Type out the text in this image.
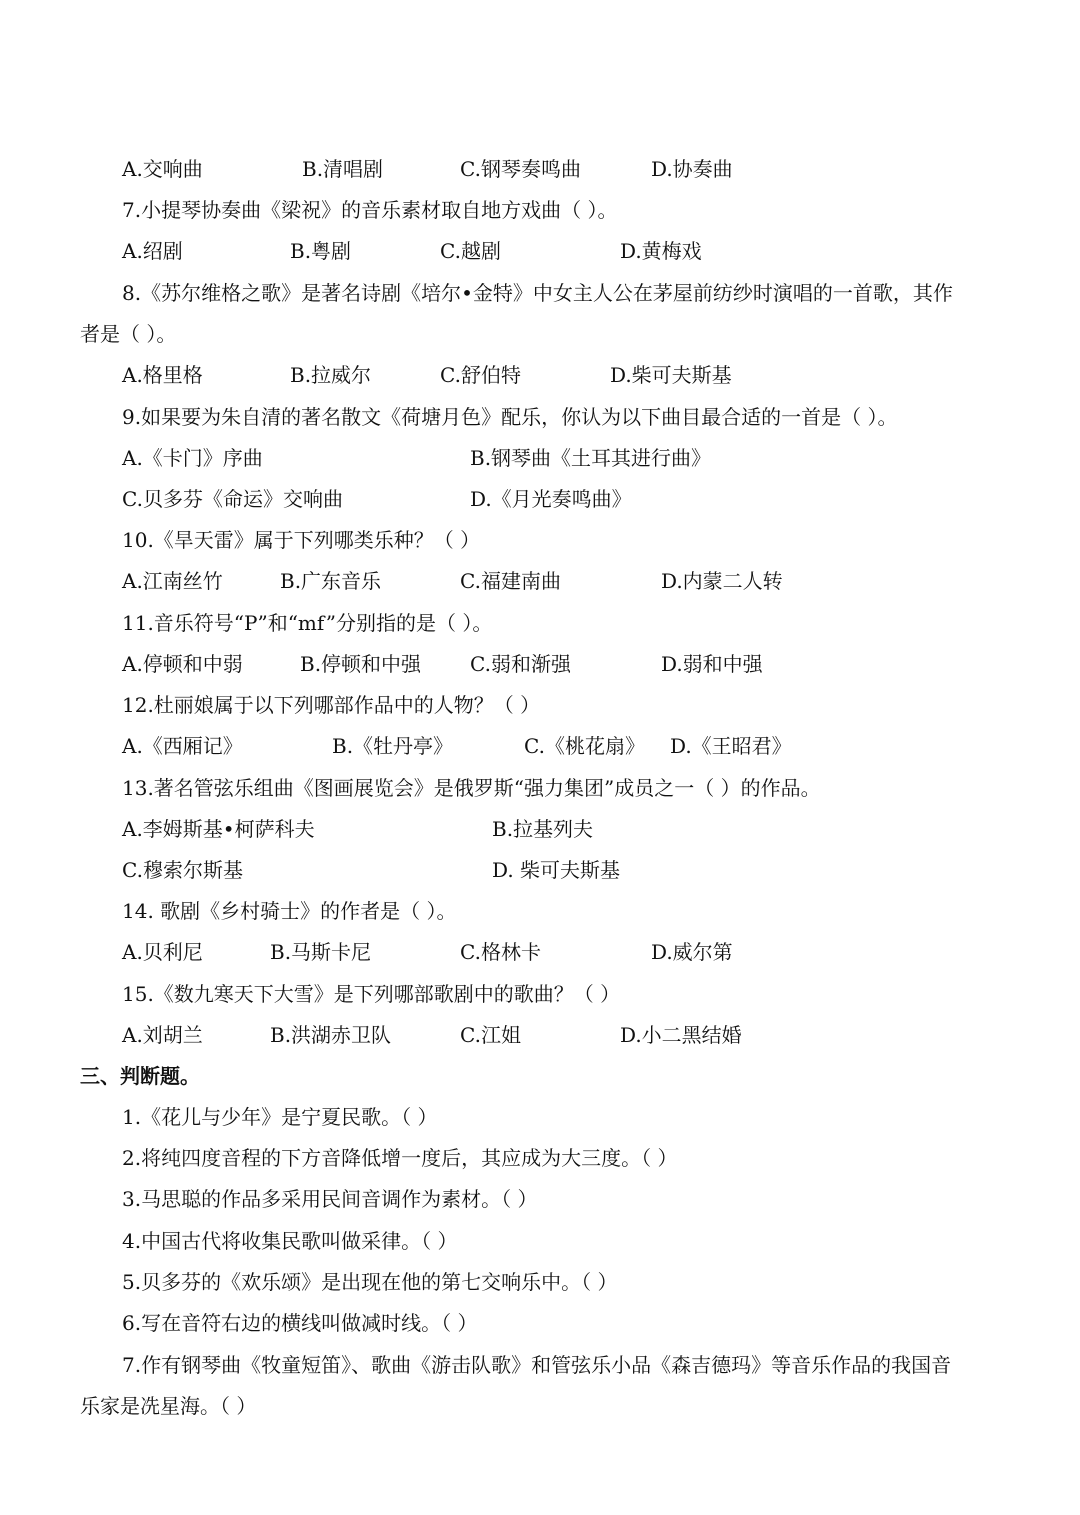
A.交响曲	B.清唱剧	C.钢琴奏鸣曲	D.协奏曲
7.小提琴协奏曲《梁祝》的音乐素材取自地方戏曲（ ）。
A.绍剧	B.粤剧	C.越剧	D.黄梅戏
8.《苏尔维格之歌》是著名诗剧《培尔•金特》中女主人公在茅屋前纺纱时演唱的一首歌，其作
者是（ ）。
A.格里格	B.拉威尔	C.舒伯特	D.柴可夫斯基
9.如果要为朱自清的著名散文《荷塘月色》配乐，你认为以下曲目最合适的一首是（ ）。
A.《卡门》序曲	B.钢琴曲《土耳其进行曲》
C.贝多芬《命运》交响曲	D.《月光奏鸣曲》
10.《旱天雷》属于下列哪类乐种？（ ）
A.江南丝竹	B.广东音乐	C.福建南曲	D.内蒙二人转
11.音乐符号“P”和“mf”分别指的是（ ）。
A.停顿和中弱	B.停顿和中强 C.弱和渐强	D.弱和中强
12.杜丽娘属于以下列哪部作品中的人物？（ ）
A.《西厢记》	B.《牡丹亭》	C.《桃花扇》 D.《王昭君》
13.著名管弦乐组曲《图画展览会》是俄罗斯“强力集团”成员之一（ ）的作品。
A.李姆斯基•柯萨科夫	B.拉基列夫
C.穆索尔斯基	D. 柴可夫斯基
14. 歌剧《乡村骑士》的作者是（ ）。
A.贝利尼	B.马斯卡尼	C.格林卡	D.威尔第
15.《数九寒天下大雪》是下列哪部歌剧中的歌曲？（ ）
A.刘胡兰	B.洪湖赤卫队	C.江姐	D.小二黑结婚
三、判断题。
1.《花儿与少年》是宁夏民歌。（ ）
2.将纯四度音程的下方音降低增一度后，其应成为大三度。（ ）
3.马思聪的作品多采用民间音调作为素材。（ ）
4.中国古代将收集民歌叫做采律。（ ）
5.贝多芬的《欢乐颂》是出现在他的第七交响乐中。（ ）
6.写在音符右边的横线叫做减时线。（ ）
7.作有钢琴曲《牧童短笛》、歌曲《游击队歌》和管弦乐小品《森吉德玛》等音乐作品的我国音
乐家是冼星海。（ ）
